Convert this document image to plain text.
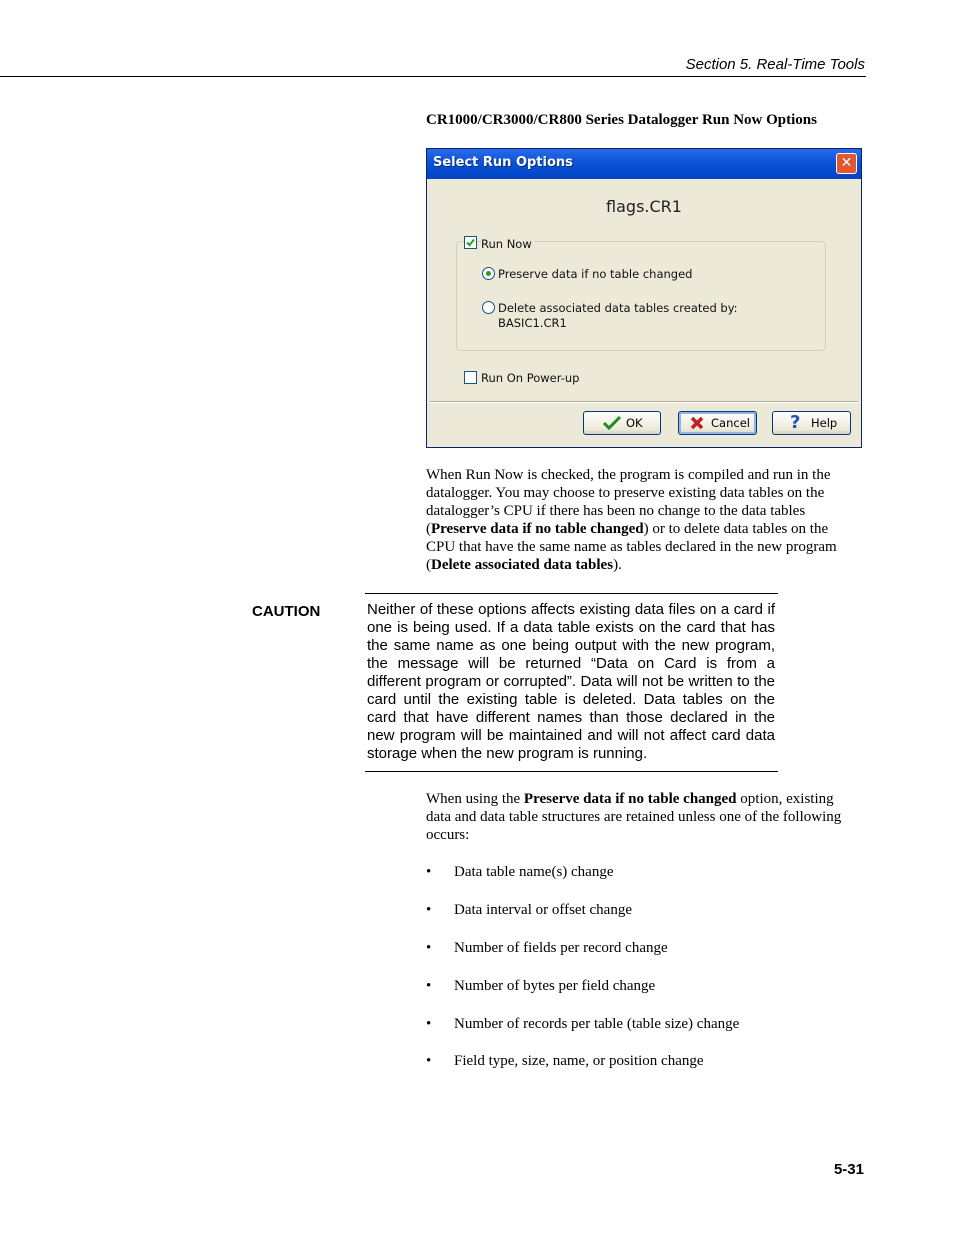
Section 5. Real-Time Tools
CR1000/CR3000/CR800 Series Datalogger Run Now Options
Select Run Options	✕
flags.CR1
Run Now
Preserve data if no table changed
Delete associated data tables created by:
BASIC1.CR1
Run On Power-up
OK	Cancel ? Help
When Run Now is checked, the program is compiled and run in the
datalogger. You may choose to preserve existing data tables on the
datalogger’s CPU if there has been no change to the data tables
(Preserve data if no table changed) or to delete data tables on the
CPU that have the same name as tables declared in the new program
(Delete associated data tables).
CAUTION	Neither of these options affects existing data files on a card if one is being used. If a data table exists on the card that has the same name as one being output with the new program, the message will be returned “Data on Card is from a different program or corrupted”. Data will not be written to the card until the existing table is deleted. Data tables on the card that have different names than those declared in the new program will be maintained and will not affect card data storage when the new program is running.
When using the Preserve data if no table changed option, existing
data and data table structures are retained unless one of the following
occurs:
• Data table name(s) change
• Data interval or offset change
• Number of fields per record change
• Number of bytes per field change
• Number of records per table (table size) change
• Field type, size, name, or position change
5-31
